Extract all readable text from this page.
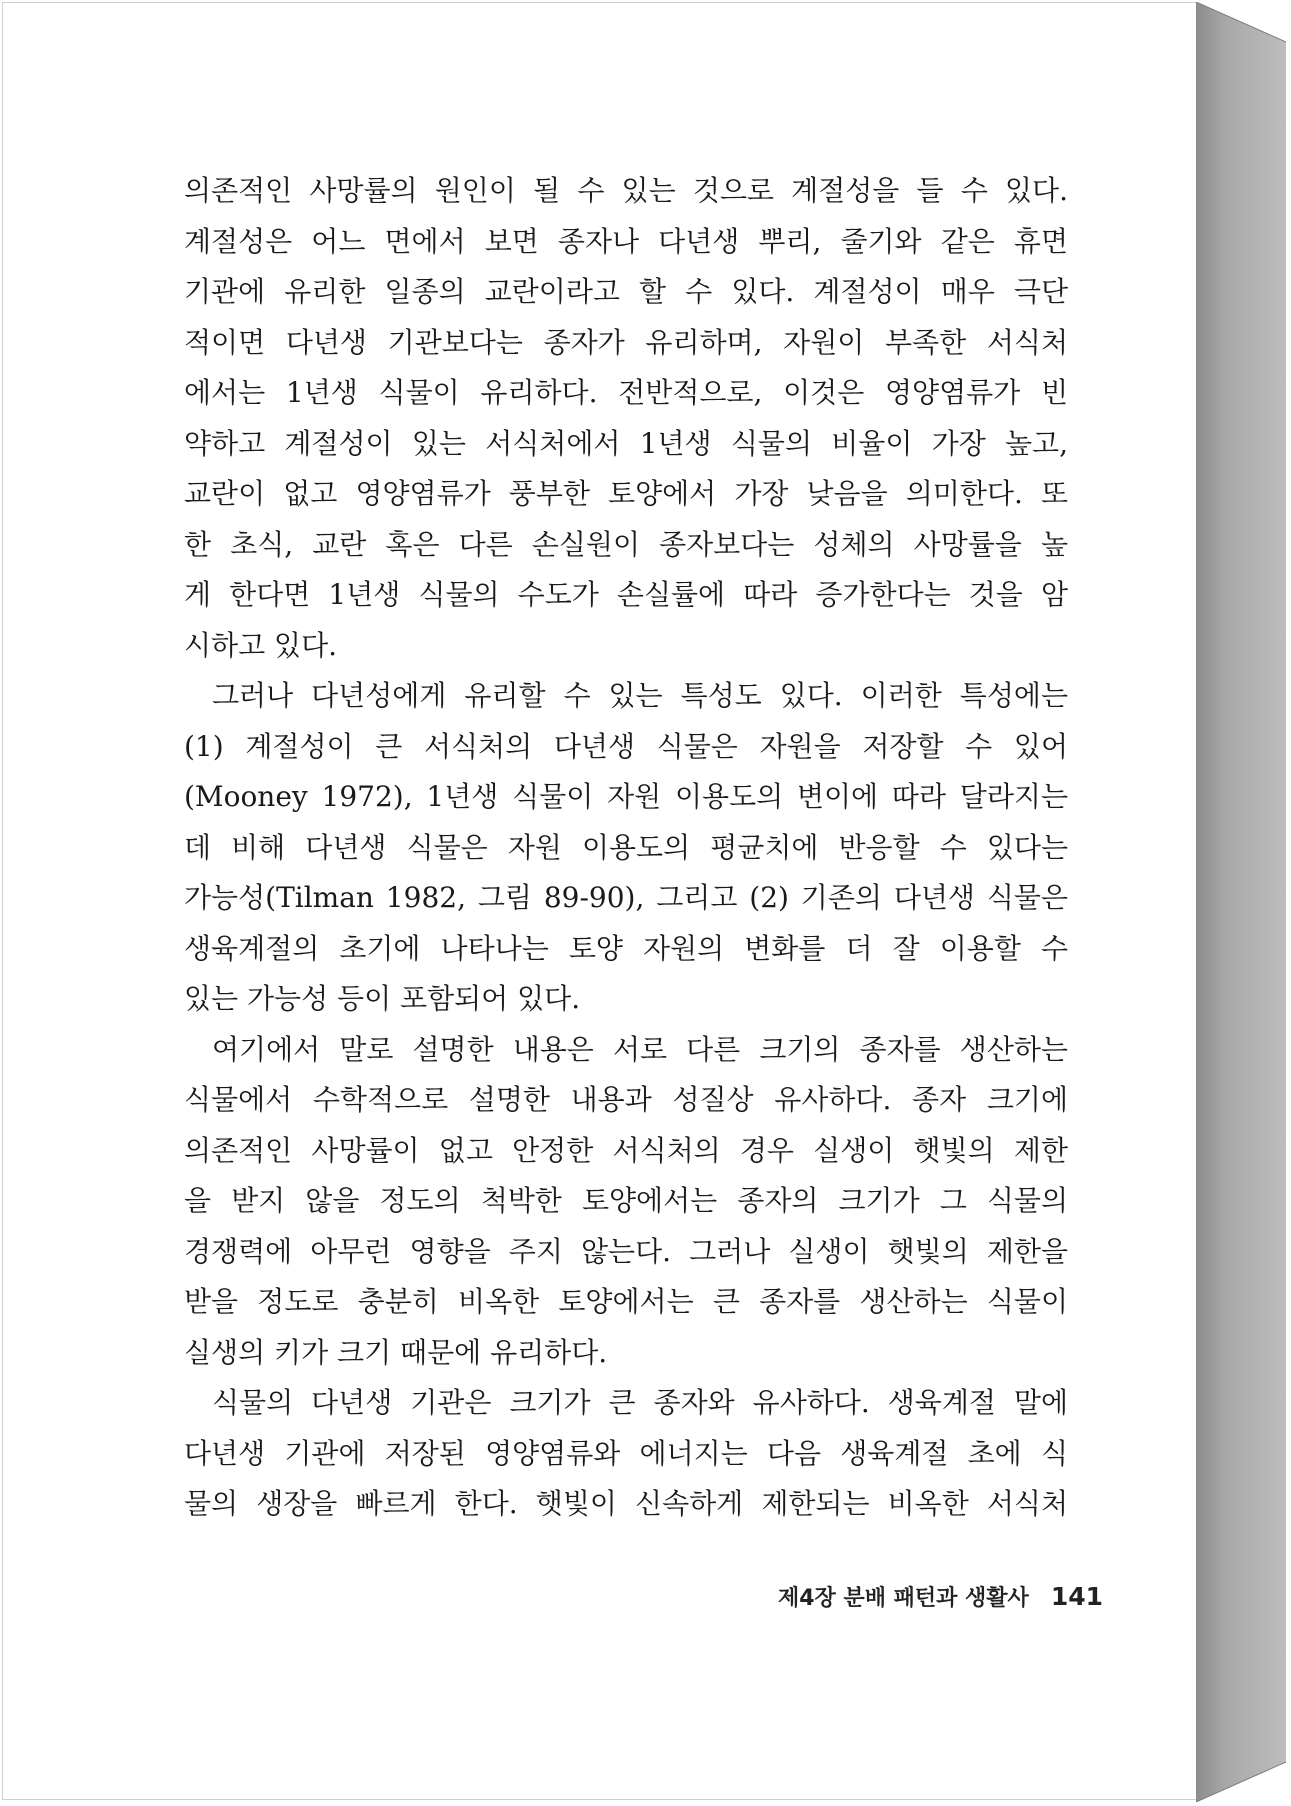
의존적인 사망률의 원인이 될 수 있는 것으로 계절성을 들 수 있다.
계절성은 어느 면에서 보면 종자나 다년생 뿌리, 줄기와 같은 휴면
기관에 유리한 일종의 교란이라고 할 수 있다. 계절성이 매우 극단
적이면 다년생 기관보다는 종자가 유리하며, 자원이 부족한 서식처
에서는 1년생 식물이 유리하다. 전반적으로, 이것은 영양염류가 빈
약하고 계절성이 있는 서식처에서 1년생 식물의 비율이 가장 높고,
교란이 없고 영양염류가 풍부한 토양에서 가장 낮음을 의미한다. 또
한 초식, 교란 혹은 다른 손실원이 종자보다는 성체의 사망률을 높
게 한다면 1년생 식물의 수도가 손실률에 따라 증가한다는 것을 암
시하고 있다.
그러나 다년성에게 유리할 수 있는 특성도 있다. 이러한 특성에는
(1) 계절성이 큰 서식처의 다년생 식물은 자원을 저장할 수 있어
(Mooney 1972), 1년생 식물이 자원 이용도의 변이에 따라 달라지는
데 비해 다년생 식물은 자원 이용도의 평균치에 반응할 수 있다는
가능성(Tilman 1982, 그림 89-90), 그리고 (2) 기존의 다년생 식물은
생육계절의 초기에 나타나는 토양 자원의 변화를 더 잘 이용할 수
있는 가능성 등이 포함되어 있다.
여기에서 말로 설명한 내용은 서로 다른 크기의 종자를 생산하는
식물에서 수학적으로 설명한 내용과 성질상 유사하다. 종자 크기에
의존적인 사망률이 없고 안정한 서식처의 경우 실생이 햇빛의 제한
을 받지 않을 정도의 척박한 토양에서는 종자의 크기가 그 식물의
경쟁력에 아무런 영향을 주지 않는다. 그러나 실생이 햇빛의 제한을
받을 정도로 충분히 비옥한 토양에서는 큰 종자를 생산하는 식물이
실생의 키가 크기 때문에 유리하다.
식물의 다년생 기관은 크기가 큰 종자와 유사하다. 생육계절 말에
다년생 기관에 저장된 영양염류와 에너지는 다음 생육계절 초에 식
물의 생장을 빠르게 한다. 햇빛이 신속하게 제한되는 비옥한 서식처
제4장 분배 패턴과 생활사 141
